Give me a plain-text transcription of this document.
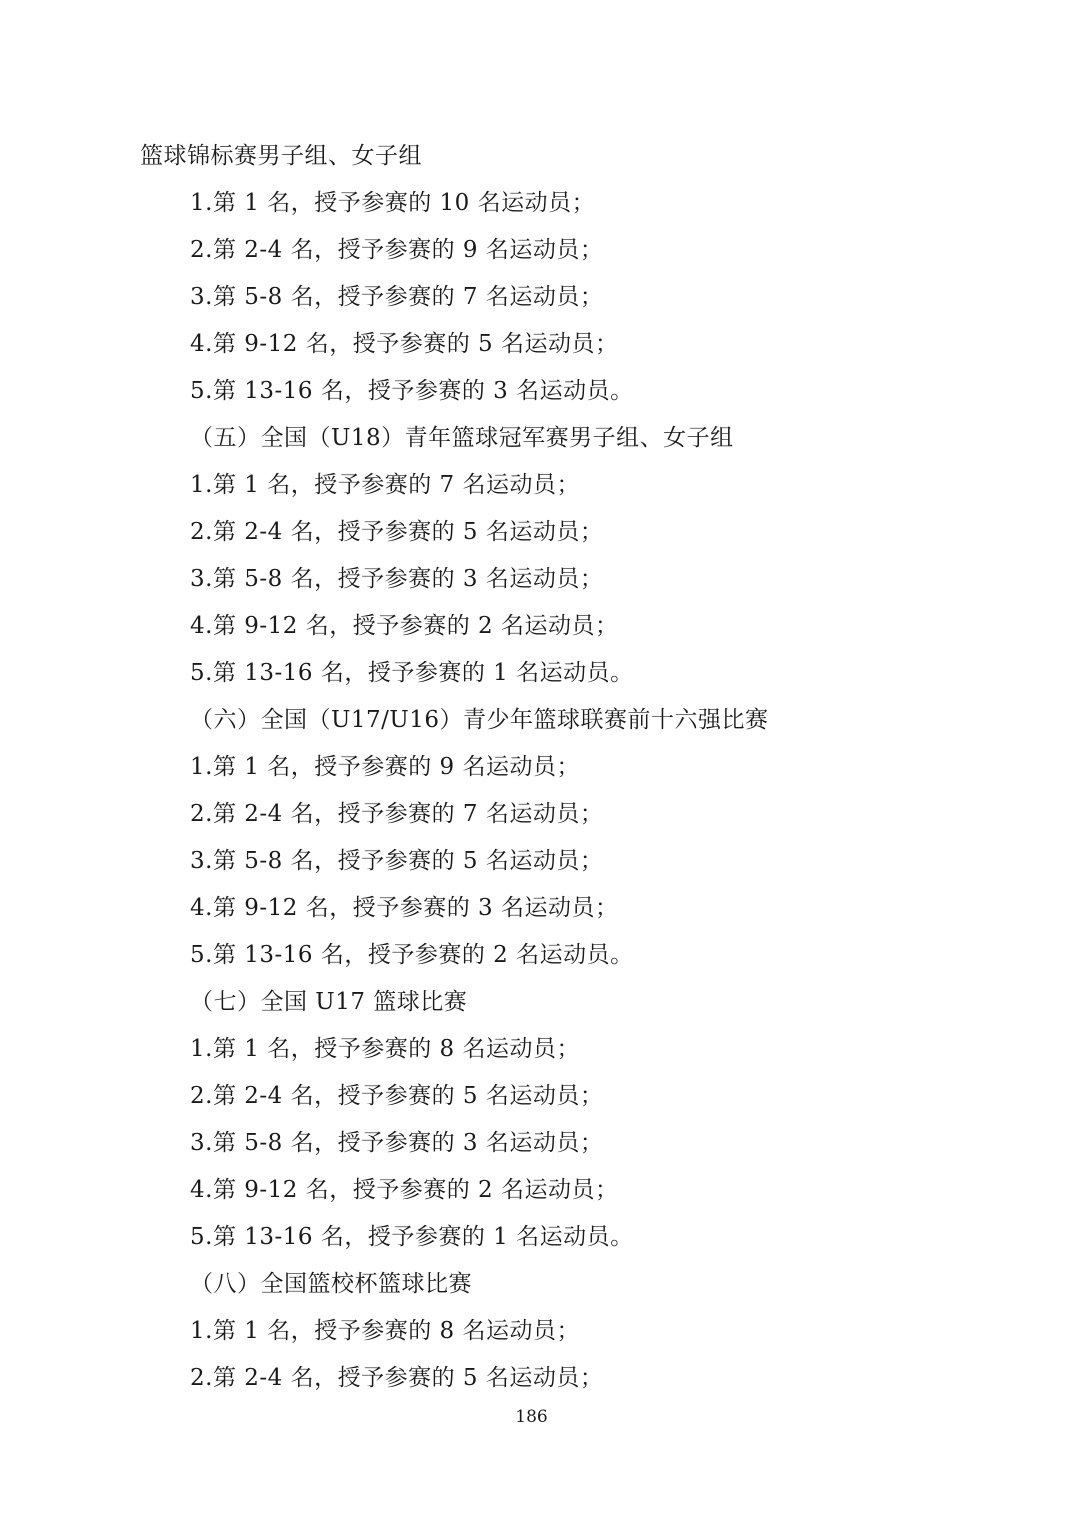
篮球锦标赛男子组、女子组
1.第 1 名，授予参赛的 10 名运动员；
2.第 2-4 名，授予参赛的 9 名运动员；
3.第 5-8 名，授予参赛的 7 名运动员；
4.第 9-12 名，授予参赛的 5 名运动员；
5.第 13-16 名，授予参赛的 3 名运动员。
（五）全国（U18）青年篮球冠军赛男子组、女子组
1.第 1 名，授予参赛的 7 名运动员；
2.第 2-4 名，授予参赛的 5 名运动员；
3.第 5-8 名，授予参赛的 3 名运动员；
4.第 9-12 名，授予参赛的 2 名运动员；
5.第 13-16 名，授予参赛的 1 名运动员。
（六）全国（U17/U16）青少年篮球联赛前十六强比赛
1.第 1 名，授予参赛的 9 名运动员；
2.第 2-4 名，授予参赛的 7 名运动员；
3.第 5-8 名，授予参赛的 5 名运动员；
4.第 9-12 名，授予参赛的 3 名运动员；
5.第 13-16 名，授予参赛的 2 名运动员。
（七）全国 U17 篮球比赛
1.第 1 名，授予参赛的 8 名运动员；
2.第 2-4 名，授予参赛的 5 名运动员；
3.第 5-8 名，授予参赛的 3 名运动员；
4.第 9-12 名，授予参赛的 2 名运动员；
5.第 13-16 名，授予参赛的 1 名运动员。
（八）全国篮校杯篮球比赛
1.第 1 名，授予参赛的 8 名运动员；
2.第 2-4 名，授予参赛的 5 名运动员；
186
